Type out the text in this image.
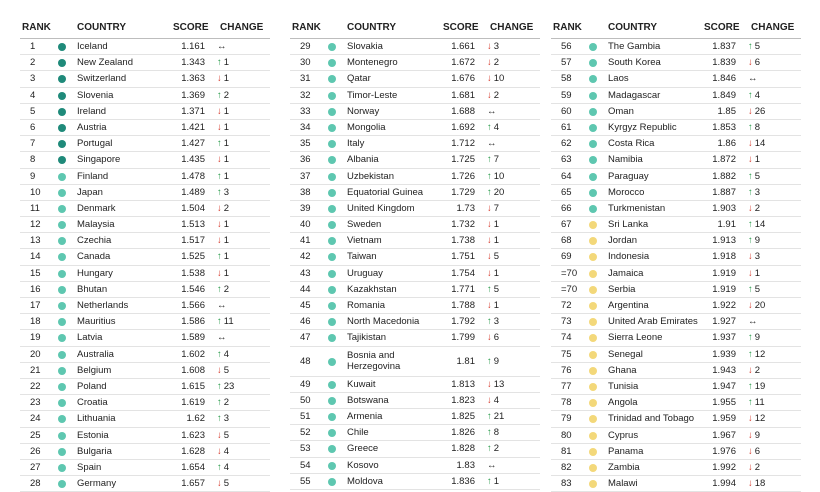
RANK	COUNTRY	SCORE CHANGE
1	Iceland	1.161 ↔
2	New Zealand	1.343 ↑ 1
3	Switzerland	1.363 ↓ 1
4	Slovenia	1.369 ↑ 2
5	Ireland	1.371 ↓ 1
6	Austria	1.421 ↓ 1
7	Portugal	1.427 ↑ 1
8	Singapore	1.435 ↓ 1
9	Finland	1.478 ↑ 1
10	Japan	1.489 ↑ 3
11	Denmark	1.504 ↓ 2
12	Malaysia	1.513 ↓ 1
13	Czechia	1.517 ↓ 1
14	Canada	1.525 ↑ 1
15	Hungary	1.538 ↓ 1
16	Bhutan	1.546 ↑ 2
17	Netherlands	1.566 ↔
18	Mauritius	1.586 ↑ 11
19	Latvia	1.589 ↔
20	Australia	1.602 ↑ 4
21	Belgium	1.608 ↓ 5
22	Poland	1.615 ↑ 23
23	Croatia	1.619 ↑ 2
24	Lithuania	1.62 ↑ 3
25	Estonia	1.623 ↓ 5
26	Bulgaria	1.628 ↓ 4
27	Spain	1.654 ↑ 4
28	Germany	1.657 ↓ 5
RANK	COUNTRY	SCORE CHANGE
29	Slovakia	1.661 ↓ 3
30	Montenegro	1.672 ↓ 2
31	Qatar	1.676 ↓ 10
32	Timor-Leste	1.681 ↓ 2
33	Norway	1.688 ↔
34	Mongolia	1.692 ↑ 4
35	Italy	1.712 ↔
36	Albania	1.725 ↑ 7
37	Uzbekistan	1.726 ↑ 10
38	Equatorial Guinea	1.729 ↑ 20
39	United Kingdom	1.73 ↓ 7
40	Sweden	1.732 ↓ 1
41	Vietnam	1.738 ↓ 1
42	Taiwan	1.751 ↓ 5
43	Uruguay	1.754 ↓ 1
44	Kazakhstan	1.771 ↑ 5
45	Romania	1.788 ↓ 1
46	North Macedonia	1.792 ↑ 3
47	Tajikistan	1.799 ↓ 6
48
Bosnia and
Herzegovina	1.81 ↑ 9
49	Kuwait	1.813 ↓ 13
50	Botswana	1.823 ↓ 4
51	Armenia	1.825 ↑ 21
52	Chile	1.826 ↑ 8
53	Greece	1.828 ↑ 2
54	Kosovo	1.83 ↔
55	Moldova	1.836 ↑ 1
RANK	COUNTRY	SCORE CHANGE
56	The Gambia	1.837 ↑ 5
57	South Korea	1.839 ↓ 6
58	Laos	1.846 ↔
59	Madagascar	1.849 ↑ 4
60	Oman	1.85 ↓ 26
61	Kyrgyz Republic	1.853 ↑ 8
62	Costa Rica	1.86 ↓ 14
63	Namibia	1.872 ↓ 1
64	Paraguay	1.882 ↑ 5
65	Morocco	1.887 ↑ 3
66	Turkmenistan	1.903 ↓ 2
67	Sri Lanka	1.91 ↑ 14
68	Jordan	1.913 ↑ 9
69	Indonesia	1.918 ↓ 3
=70	Jamaica	1.919 ↓ 1
=70	Serbia	1.919 ↑ 5
72	Argentina	1.922 ↓ 20
73	United Arab Emirates	1.927 ↔
74	Sierra Leone	1.937 ↑ 9
75	Senegal	1.939 ↑ 12
76	Ghana	1.943 ↓ 2
77	Tunisia	1.947 ↑ 19
78	Angola	1.955 ↑ 11
79	Trinidad and Tobago	1.959 ↓ 12
80	Cyprus	1.967 ↓ 9
81	Panama	1.976 ↓ 6
82	Zambia	1.992 ↓ 2
83	Malawi	1.994 ↓ 18
